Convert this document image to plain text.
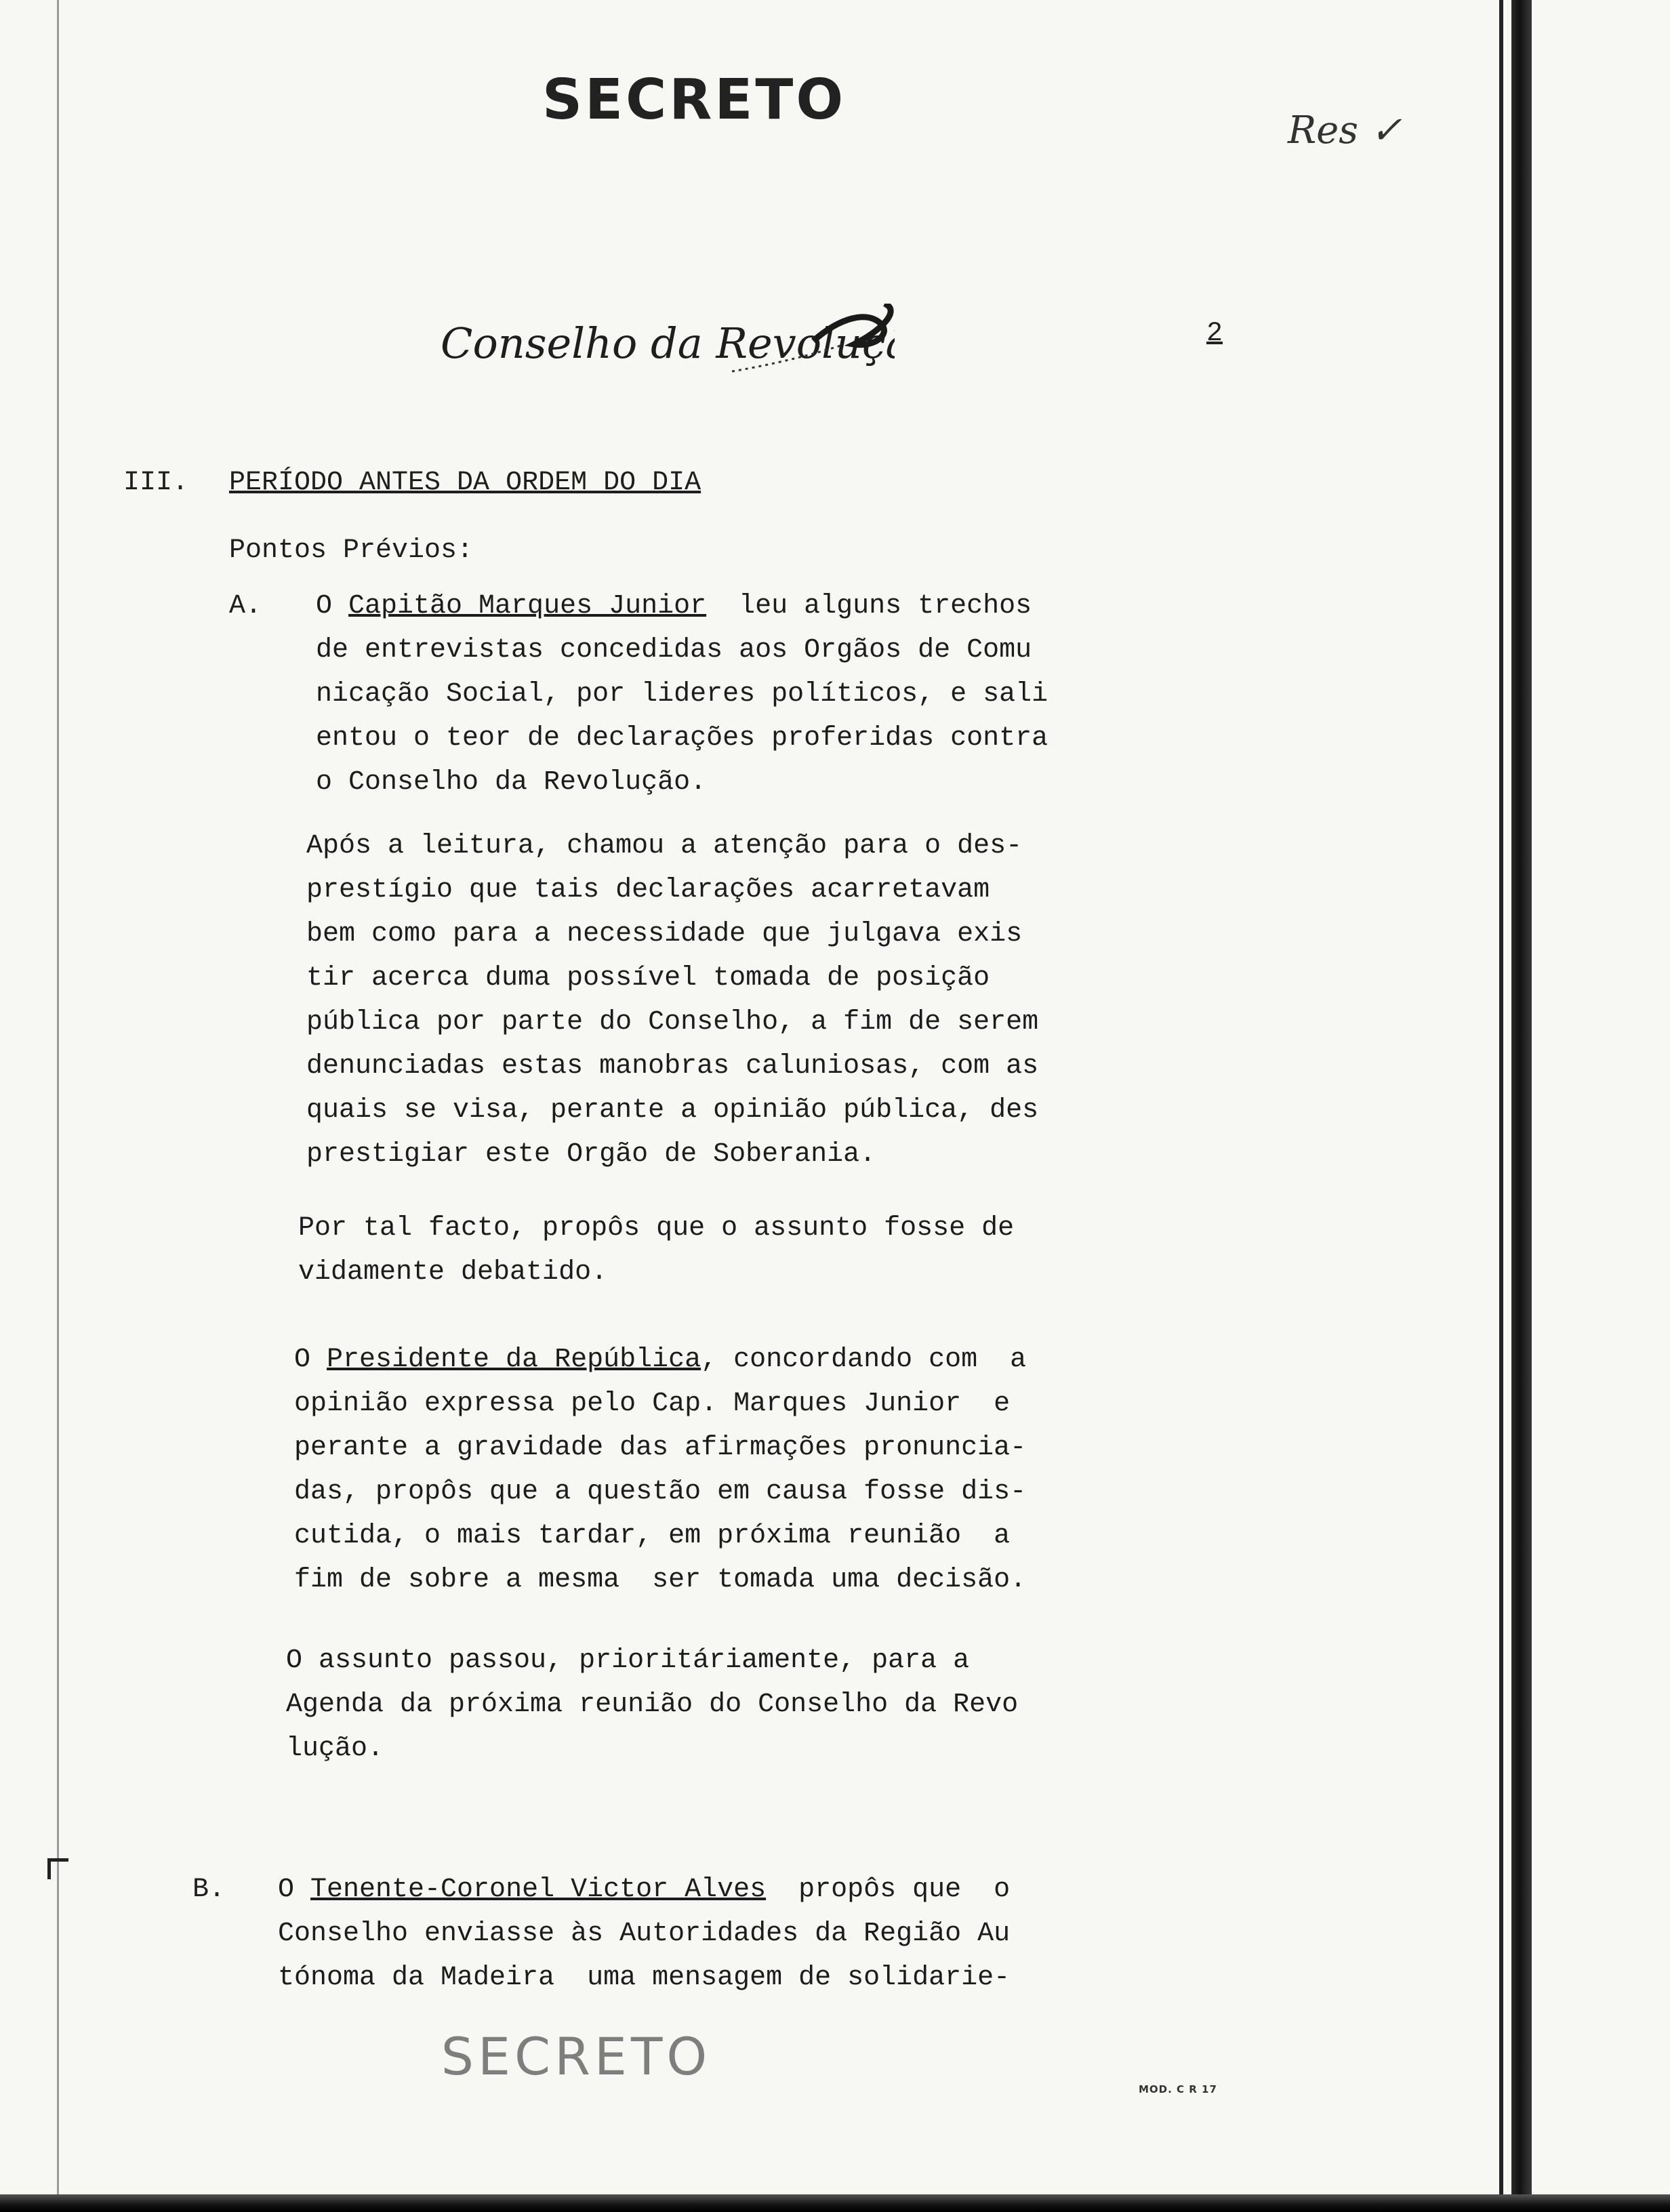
SECRETO	Res ✓
Conselho da Revolução	2
III. PERÍODO ANTES DA ORDEM DO DIA
Pontos Prévios:
A. O Capitão Marques Junior  leu alguns trechos
de entrevistas concedidas aos Orgãos de Comu
nicação Social, por lideres políticos, e sali
entou o teor de declarações proferidas contra
o Conselho da Revolução.
Após a leitura, chamou a atenção para o des-
prestígio que tais declarações acarretavam
bem como para a necessidade que julgava exis
tir acerca duma possível tomada de posição
pública por parte do Conselho, a fim de serem
denunciadas estas manobras caluniosas, com as
quais se visa, perante a opinião pública, des
prestigiar este Orgão de Soberania.
Por tal facto, propôs que o assunto fosse de
vidamente debatido.
O Presidente da República, concordando com  a
opinião expressa pelo Cap. Marques Junior  e
perante a gravidade das afirmações pronuncia-
das, propôs que a questão em causa fosse dis-
cutida, o mais tardar, em próxima reunião  a
fim de sobre a mesma  ser tomada uma decisão.
O assunto passou, prioritáriamente, para a
Agenda da próxima reunião do Conselho da Revo
lução.
B. O Tenente-Coronel Victor Alves  propôs que  o
Conselho enviasse às Autoridades da Região Au
tónoma da Madeira  uma mensagem de solidarie-
SECRETO
MOD. C R 17
